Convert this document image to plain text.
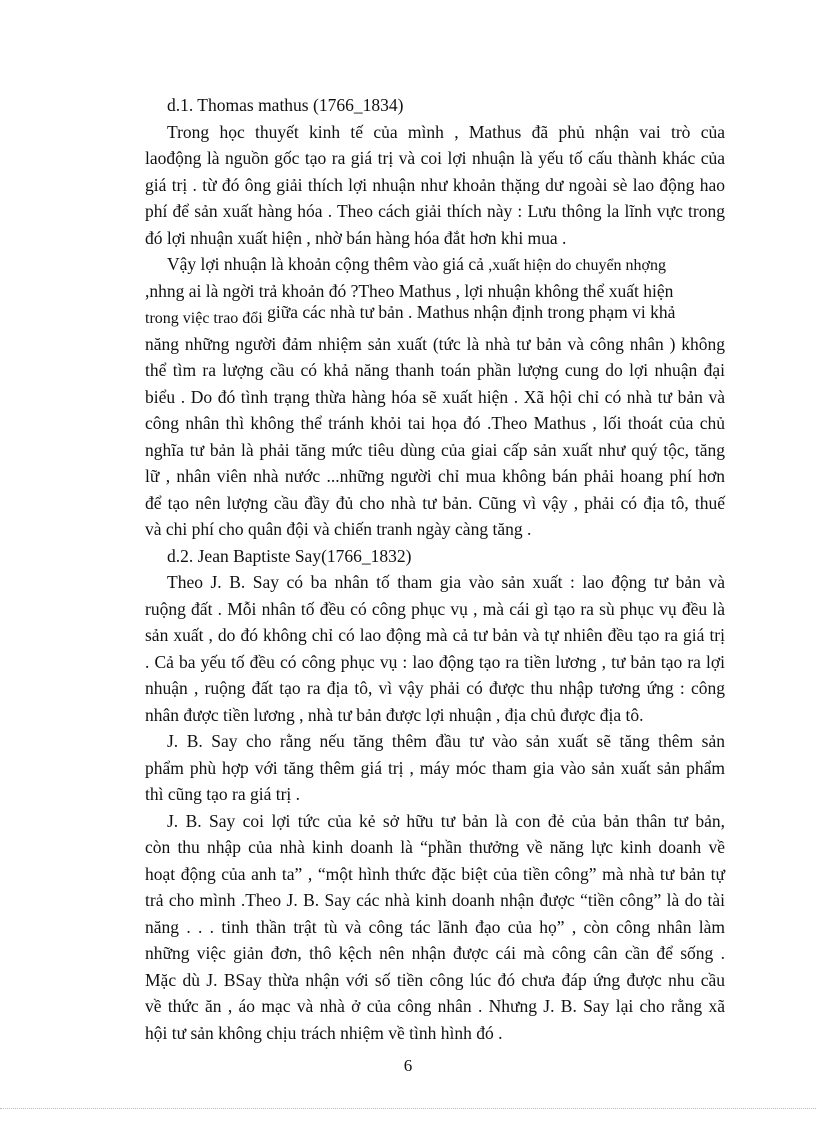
d.1. Thomas mathus (1766_1834)
Trong học thuyết kinh tế của mình , Mathus đã phủ nhận vai trò của
laođộng là nguồn gốc tạo ra giá trị và coi lợi nhuận là yếu tố cấu thành khác của
giá trị . từ đó ông giải thích lợi nhuận như khoản thặng dư ngoài sè lao động hao
phí để sản xuất hàng hóa . Theo cách giải thích này : Lưu thông la lĩnh vực trong
đó lợi nhuận xuất hiện , nhờ bán hàng hóa đắt hơn khi mua .
Vậy lợi nhuận là khoản cộng thêm vào giá cả ,xuất hiện do chuyển nhợng
,nhng ai là ngời trả khoản đó ?Theo Mathus , lợi nhuận không thể xuất hiện
trong việc trao đổi giữa các nhà tư bản . Mathus nhận định trong phạm vi khả
năng những người đảm nhiệm sản xuất (tức là nhà tư bản và công nhân ) không
thể tìm ra lượng cầu có khả năng thanh toán phần lượng cung do lợi nhuận đại
biểu . Do đó tình trạng thừa hàng hóa sẽ xuất hiện . Xã hội chỉ có nhà tư bản và
công nhân thì không thể tránh khỏi tai họa đó .Theo Mathus , lối thoát của chủ
nghĩa tư bản là phải tăng mức tiêu dùng của giai cấp sản xuất như quý tộc, tăng
lữ , nhân viên nhà nước ...những người chỉ mua không bán phải hoang phí hơn
để tạo nên lượng cầu đầy đủ cho nhà tư bản. Cũng vì vậy , phải có địa tô, thuế
và chi phí cho quân đội và chiến tranh ngày càng tăng .
d.2. Jean Baptiste Say(1766_1832)
Theo J. B. Say có ba nhân tố tham gia vào sản xuất : lao động tư bản và
ruộng đất . Mỗi nhân tố đều có công phục vụ , mà cái gì tạo ra sù phục vụ đều là
sản xuất , do đó không chỉ có lao động mà cả tư bản và tự nhiên đều tạo ra giá trị
. Cả ba yếu tố đều có công phục vụ : lao động tạo ra tiền lương , tư bản tạo ra lợi
nhuận , ruộng đất tạo ra địa tô, vì vậy phải có được thu nhập tương ứng : công
nhân được tiền lương , nhà tư bản được lợi nhuận , địa chủ được địa tô.
J. B. Say cho rằng nếu tăng thêm đầu tư vào sản xuất sẽ tăng thêm sản
phẩm phù hợp với tăng thêm giá trị , máy móc tham gia vào sản xuất sản phẩm
thì cũng tạo ra giá trị .
J. B. Say coi lợi tức của kẻ sở hữu tư bản là con đẻ của bản thân tư bản,
còn thu nhập của nhà kinh doanh là “phần thưởng về năng lực kinh doanh về
hoạt động của anh ta” , “một hình thức đặc biệt của tiền công” mà nhà tư bản tự
trả cho mình .Theo J. B. Say các nhà kinh doanh nhận được “tiền công” là do tài
năng . . . tinh thần trật tù và công tác lãnh đạo của họ” , còn công nhân làm
những việc giản đơn, thô kệch nên nhận được cái mà công cân cần để sống .
Mặc dù J. BSay thừa nhận với số tiền công lúc đó chưa đáp ứng được nhu cầu
về thức ăn , áo mạc và nhà ở của công nhân . Nhưng J. B. Say lại cho rằng xã
hội tư sản không chịu trách nhiệm về tình hình đó .
6
